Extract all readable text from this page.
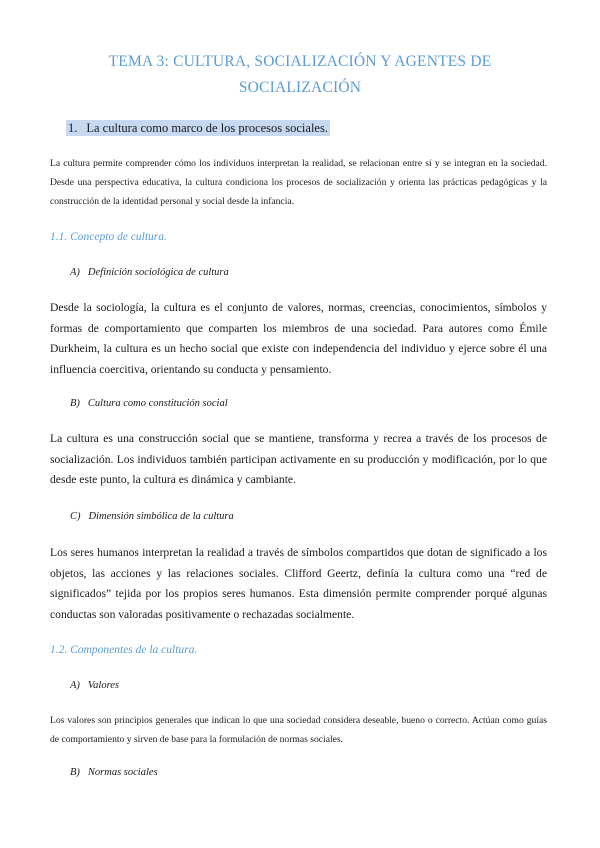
TEMA 3: CULTURA, SOCIALIZACIÓN Y AGENTES DE
SOCIALIZACIÓN
1. La cultura como marco de los procesos sociales.
La cultura permite comprender cómo los individuos interpretan la realidad, se relacionan entre sí y se integran en la sociedad. Desde una perspectiva educativa, la cultura condiciona los procesos de socialización y orienta las prácticas pedagógicas y la construcción de la identidad personal y social desde la infancia.
1.1. Concepto de cultura.
A) Definición sociológica de cultura
Desde la sociología, la cultura es el conjunto de valores, normas, creencias, conocimientos, símbolos y formas de comportamiento que comparten los miembros de una sociedad. Para autores como Émile Durkheim, la cultura es un hecho social que existe con independencia del individuo y ejerce sobre él una influencia coercitiva, orientando su conducta y pensamiento.
B) Cultura como constitución social
La cultura es una construcción social que se mantiene, transforma y recrea a través de los procesos de socialización. Los individuos también participan activamente en su producción y modificación, por lo que desde este punto, la cultura es dinámica y cambiante.
C) Dimensión simbólica de la cultura
Los seres humanos interpretan la realidad a través de símbolos compartidos que dotan de significado a los objetos, las acciones y las relaciones sociales. Clifford Geertz, definía la cultura como una “red de significados” tejida por los propios seres humanos. Esta dimensión permite comprender porqué algunas conductas son valoradas positivamente o rechazadas socialmente.
1.2. Componentes de la cultura.
A) Valores
Los valores son principios generales que indican lo que una sociedad considera deseable, bueno o correcto. Actúan como guías de comportamiento y sirven de base para la formulación de normas sociales.
B) Normas sociales
